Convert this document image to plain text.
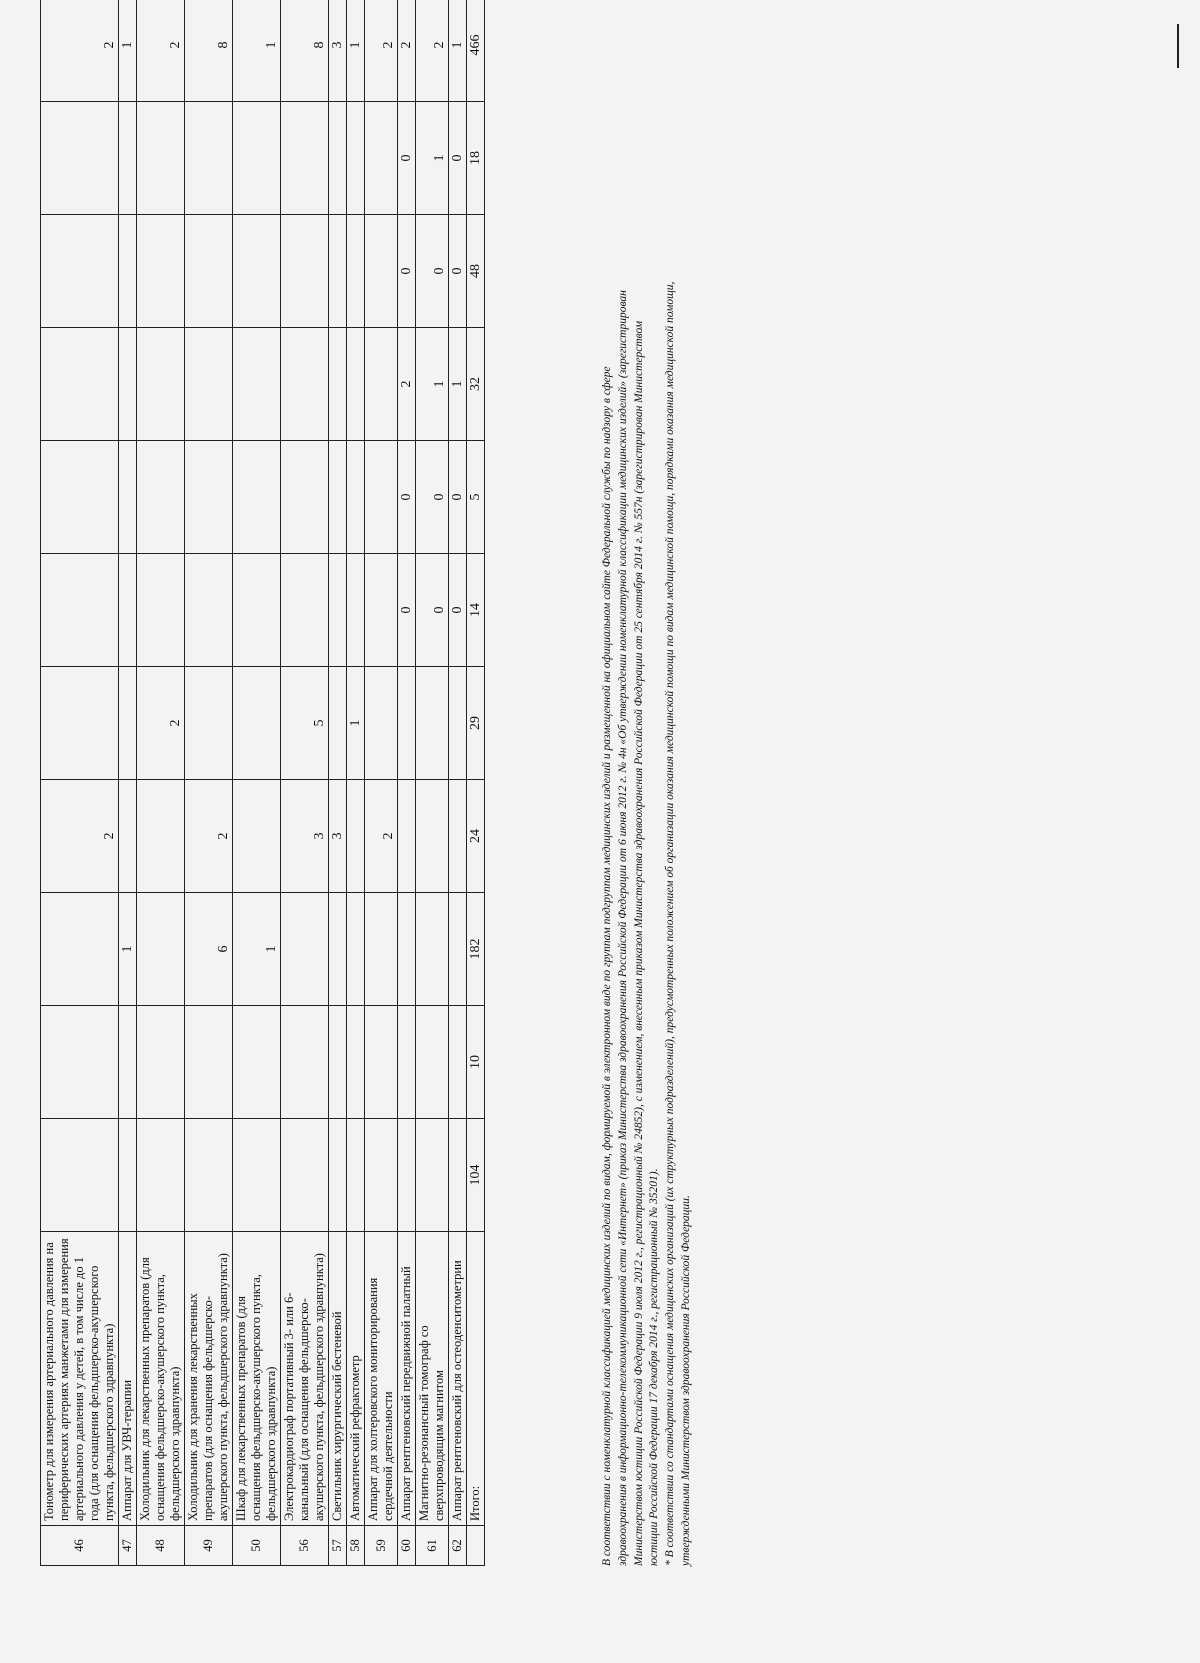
46	Тонометр для измерения артериального давления на периферических артериях манжетами для измерения артериального давления у детей, в том числе до 1 года (для оснащения фельдшерско-акушерского пункта, фельдшерского здравпункта)				2							2
47	Аппарат для УВЧ-терапии			1								1
48	Холодильник для лекарственных препаратов (для оснащения фельдшерско-акушерского пункта, фельдшерского здравпункта)					2						2
49	Холодильник для хранения лекарственных препаратов (для оснащения фельдшерско-акушерского пункта, фельдшерского здравпункта)			6	2							8
50	Шкаф для лекарственных препаратов (для оснащения фельдшерско-акушерского пункта, фельдшерского здравпункта)			1								1
56	Электрокардиограф портативный 3- или 6-канальный (для оснащения фельдшерско-акушерского пункта, фельдшерского здравпункта)				3	5						8
57	Светильник хирургический бестеневой				3							3
58	Автоматический рефрактометр					1						1
59	Аппарат для холтеровского мониторирования сердечной деятельности				2							2
60	Аппарат рентгеновский передвижной палатный						0	0	2	0	0	2
61	Магнитно-резонансный томограф со сверхпроводящим магнитом						0	0	1	0	1	2
62	Аппарат рентгеновский для остеоденситометрии						0	0	1	0	0	1
	Итого:	104	10	182	24	29	14	5	32	48	18	466

В соответствии с номенклатурной классификацией медицинских изделий по видам, формируемой в электронном виде по группам подгруппам медицинских изделий и размещенной на официальном сайте Федеральной службы по надзору в сфере здравоохранения в информационно-телекоммуникационной сети «Интернет» (приказ Министерства здравоохранения Российской Федерации от 6 июня 2012 г. № 4н «Об утверждении номенклатурной классификации медицинских изделий» (зарегистрирован Министерством юстиции Российской Федерации 9 июля 2012 г., регистрационный № 24852), с изменением, внесенным приказом Министерства здравоохранения Российской Федерации от 25 сентября 2014 г. № 557н (зарегистрирован Министерством юстиции Российской Федерации 17 декабря 2014 г., регистрационный № 35201). * В соответствии со стандартами оснащения медицинских организаций (их структурных подразделений), предусмотренных положением об организации оказания медицинской помощи по видам медицинской помощи, порядками оказания медицинской помощи, утвержденными Министерством здравоохранения Российской Федерации.
